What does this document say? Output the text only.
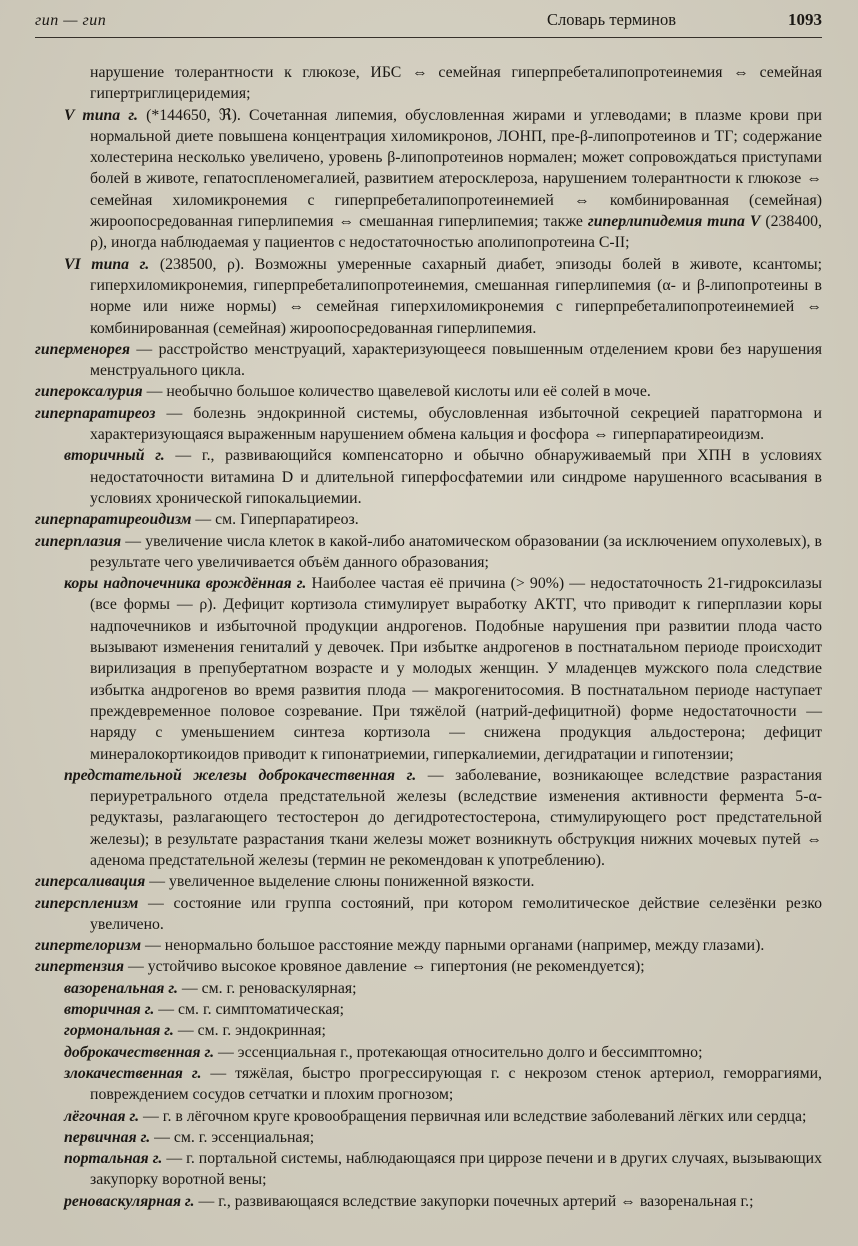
гип — гип	Словарь терминов	1093

нарушение толерантности к глюкозе, ИБС ⇔ семейная гиперпребеталипопротеинемия ⇔ семейная гипертриглицеридемия;

V типа г. (*144650, ℜ). Сочетанная липемия, обусловленная жирами и углеводами; в плазме крови при нормальной диете повышена концентрация хиломикронов, ЛОНП, пре-β-липопротеинов и ТГ; содержание холестерина несколько увеличено, уровень β-липопротеинов нормален; может сопровождаться приступами болей в животе, гепатоспленомегалией, развитием атеросклероза, нарушением толерантности к глюкозе ⇔ семейная хиломикронемия с гиперпребеталипопротеинемией ⇔ комбинированная (семейная) жироопосредованная гиперлипемия ⇔ смешанная гиперлипемия; также гиперлипидемия типа V (238400, ρ), иногда наблюдаемая у пациентов с недостаточностью аполипопротеина C-II;

VI типа г. (238500, ρ). Возможны умеренные сахарный диабет, эпизоды болей в животе, ксантомы; гиперхиломикронемия, гиперпребеталипопротеинемия, смешанная гиперлипемия (α- и β-липопротеины в норме или ниже нормы) ⇔ семейная гиперхиломикронемия с гиперпребеталипопротеинемией ⇔ комбинированная (семейная) жироопосредованная гиперлипемия.

гиперменорея — расстройство менструаций, характеризующееся повышенным отделением крови без нарушения менструального цикла.

гипероксалурия — необычно большое количество щавелевой кислоты или её солей в моче.

гиперпаратиреоз — болезнь эндокринной системы, обусловленная избыточной секрецией паратгормона и характеризующаяся выраженным нарушением обмена кальция и фосфора ⇔ гиперпаратиреоидизм.

вторичный г. — г., развивающийся компенсаторно и обычно обнаруживаемый при ХПН в условиях недостаточности витамина D и длительной гиперфосфатемии или синдроме нарушенного всасывания в условиях хронической гипокальциемии.

гиперпаратиреоидизм — см. Гиперпаратиреоз.

гиперплазия — увеличение числа клеток в какой-либо анатомическом образовании (за исключением опухолевых), в результате чего увеличивается объём данного образования;

коры надпочечника врождённая г. Наиболее частая её причина (> 90%) — недостаточность 21-гидроксилазы (все формы — ρ). Дефицит кортизола стимулирует выработку АКТГ, что приводит к гиперплазии коры надпочечников и избыточной продукции андрогенов. Подобные нарушения при развитии плода часто вызывают изменения гениталий у девочек. При избытке андрогенов в постнатальном периоде происходит вирилизация в препубертатном возрасте и у молодых женщин. У младенцев мужского пола следствие избытка андрогенов во время развития плода — макрогенитосомия. В постнатальном периоде наступает преждевременное половое созревание. При тяжёлой (натрий-дефицитной) форме недостаточности — наряду с уменьшением синтеза кортизола — снижена продукция альдостерона; дефицит минералокортикоидов приводит к гипонатриемии, гиперкалиемии, дегидратации и гипотензии;

предстательной железы доброкачественная г. — заболевание, возникающее вследствие разрастания периуретрального отдела предстательной железы (вследствие изменения активности фермента 5-α-редуктазы, разлагающего тестостерон до дегидротестостерона, стимулирующего рост предстательной железы); в результате разрастания ткани железы может возникнуть обструкция нижних мочевых путей ⇔ аденома предстательной железы (термин не рекомендован к употреблению).

гиперсаливация — увеличенное выделение слюны пониженной вязкости.

гиперспленизм — состояние или группа состояний, при котором гемолитическое действие селезёнки резко увеличено.

гипертелоризм — ненормально большое расстояние между парными органами (например, между глазами).

гипертензия — устойчиво высокое кровяное давление ⇔ гипертония (не рекомендуется);

вазоренальная г. — см. г. реноваскулярная;

вторичная г. — см. г. симптоматическая;

гормональная г. — см. г. эндокринная;

доброкачественная г. — эссенциальная г., протекающая относительно долго и бессимптомно;

злокачественная г. — тяжёлая, быстро прогрессирующая г. с некрозом стенок артериол, геморрагиями, повреждением сосудов сетчатки и плохим прогнозом;

лёгочная г. — г. в лёгочном круге кровообращения первичная или вследствие заболеваний лёгких или сердца;

первичная г. — см. г. эссенциальная;

портальная г. — г. портальной системы, наблюдающаяся при циррозе печени и в других случаях, вызывающих закупорку воротной вены;

реноваскулярная г. — г., развивающаяся вследствие закупорки почечных артерий ⇔ вазоренальная г.;
